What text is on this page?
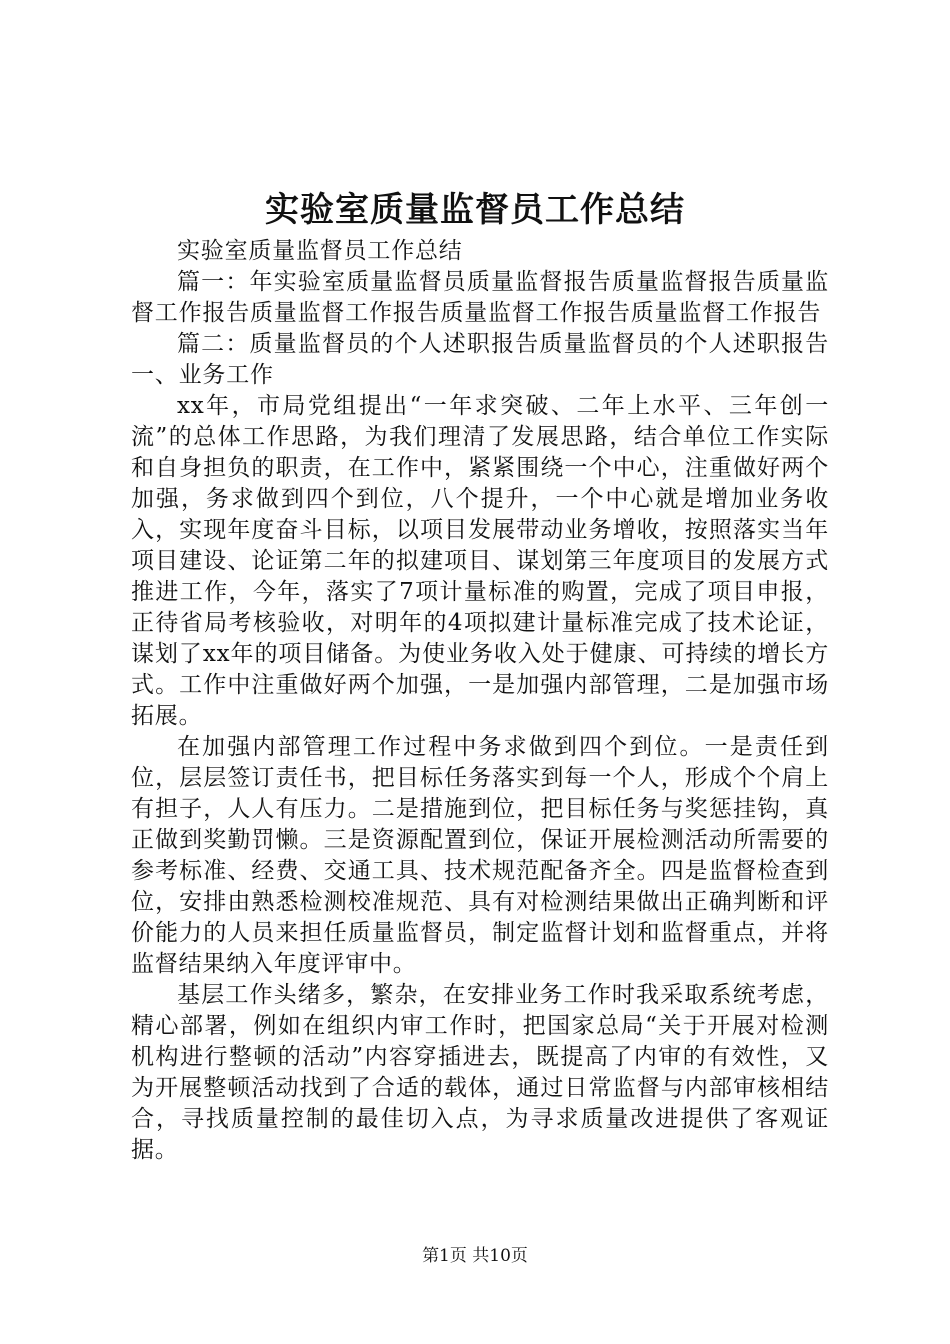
实验室质量监督员工作总结

实验室质量监督员工作总结

篇一：年实验室质量监督员质量监督报告质量监督报告质量监督工作报告质量监督工作报告质量监督工作报告质量监督工作报告

篇二：质量监督员的个人述职报告质量监督员的个人述职报告一、业务工作

xx年，市局党组提出“一年求突破、二年上水平、三年创一流”的总体工作思路，为我们理清了发展思路，结合单位工作实际和自身担负的职责，在工作中，紧紧围绕一个中心，注重做好两个加强，务求做到四个到位，八个提升，一个中心就是增加业务收入，实现年度奋斗目标，以项目发展带动业务增收，按照落实当年项目建设、论证第二年的拟建项目、谋划第三年度项目的发展方式推进工作，今年，落实了7项计量标准的购置，完成了项目申报，正待省局考核验收，对明年的4项拟建计量标准完成了技术论证，谋划了xx年的项目储备。为使业务收入处于健康、可持续的增长方式。工作中注重做好两个加强，一是加强内部管理，二是加强市场拓展。

在加强内部管理工作过程中务求做到四个到位。一是责任到位，层层签订责任书，把目标任务落实到每一个人，形成个个肩上有担子，人人有压力。二是措施到位，把目标任务与奖惩挂钩，真正做到奖勤罚懒。三是资源配置到位，保证开展检测活动所需要的参考标准、经费、交通工具、技术规范配备齐全。四是监督检查到位，安排由熟悉检测校准规范、具有对检测结果做出正确判断和评价能力的人员来担任质量监督员，制定监督计划和监督重点，并将监督结果纳入年度评审中。

基层工作头绪多，繁杂，在安排业务工作时我采取系统考虑，精心部署，例如在组织内审工作时，把国家总局“关于开展对检测机构进行整顿的活动”内容穿插进去，既提高了内审的有效性，又为开展整顿活动找到了合适的载体，通过日常监督与内部审核相结合，寻找质量控制的最佳切入点，为寻求质量改进提供了客观证据。

第1页 共10页
